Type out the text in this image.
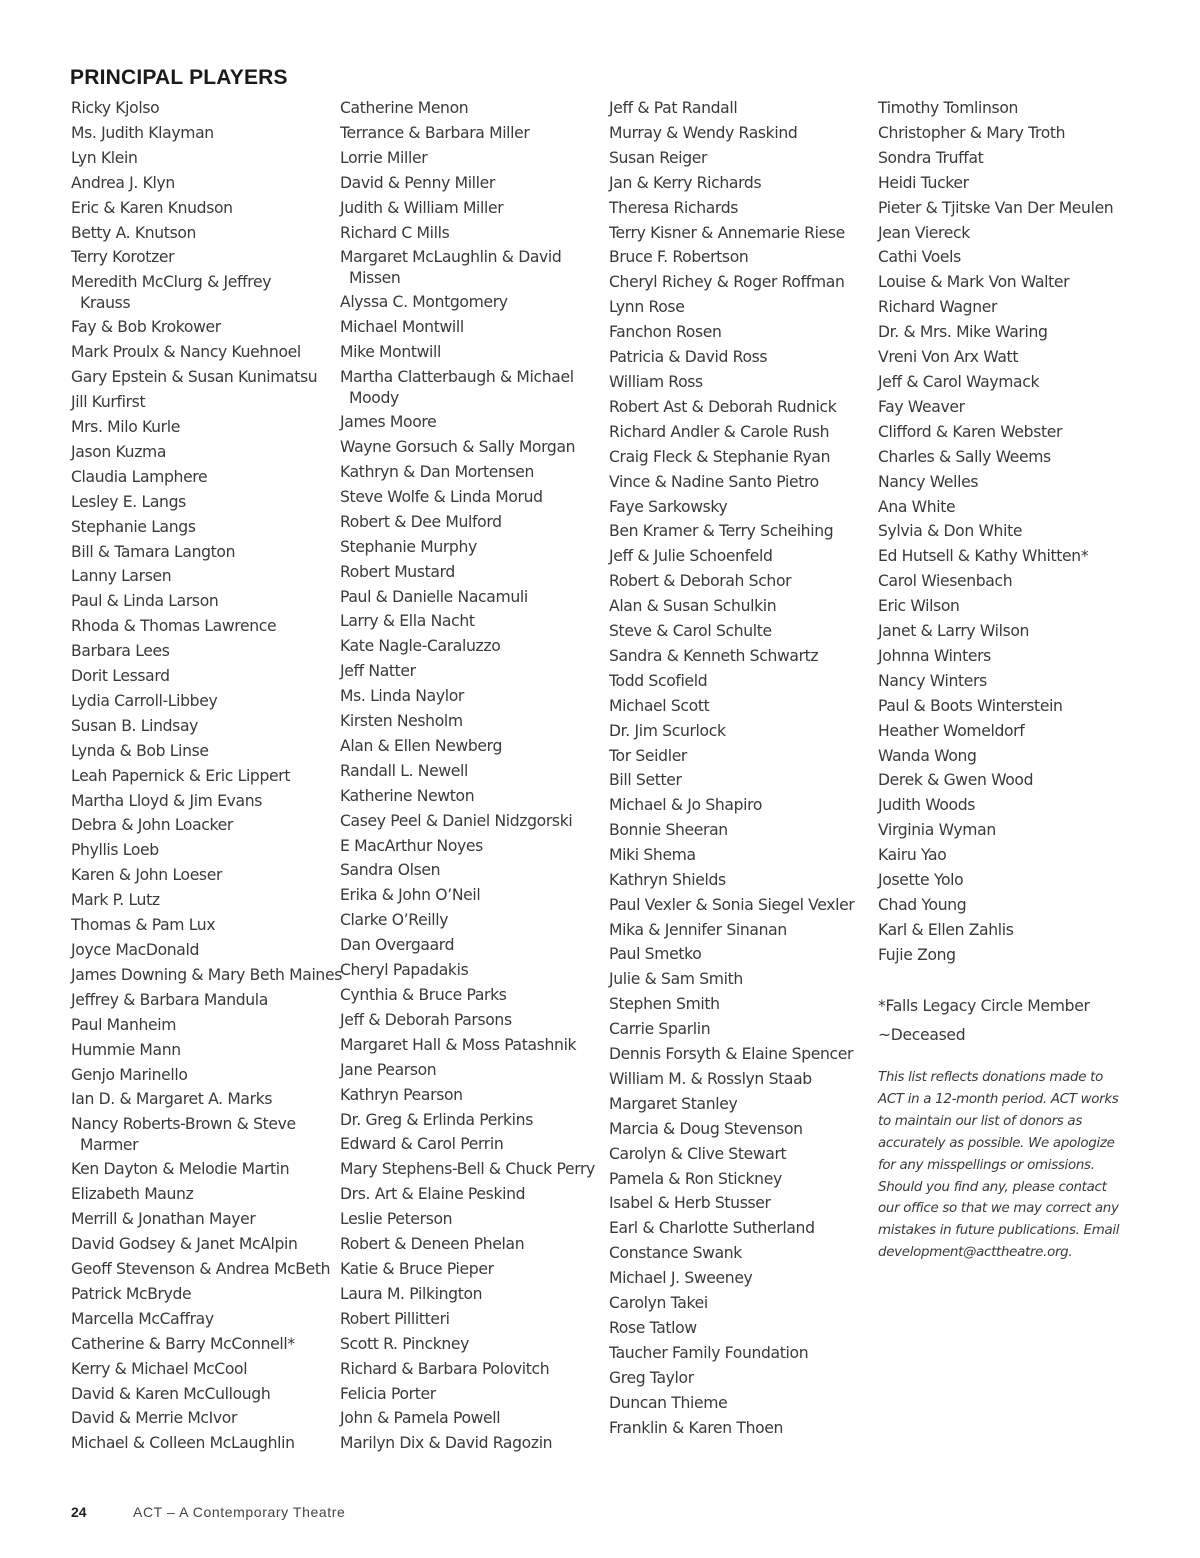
PRINCIPAL PLAYERS
Ricky Kjolso
Ms. Judith Klayman
Lyn Klein
Andrea J. Klyn
Eric & Karen Knudson
Betty A. Knutson
Terry Korotzer
Meredith McClurg & Jeffrey Krauss
Fay & Bob Krokower
Mark Proulx & Nancy Kuehnoel
Gary Epstein & Susan Kunimatsu
Jill Kurfirst
Mrs. Milo Kurle
Jason Kuzma
Claudia Lamphere
Lesley E. Langs
Stephanie Langs
Bill & Tamara Langton
Lanny Larsen
Paul & Linda Larson
Rhoda & Thomas Lawrence
Barbara Lees
Dorit Lessard
Lydia Carroll-Libbey
Susan B. Lindsay
Lynda & Bob Linse
Leah Papernick & Eric Lippert
Martha Lloyd & Jim Evans
Debra & John Loacker
Phyllis Loeb
Karen & John Loeser
Mark P. Lutz
Thomas & Pam Lux
Joyce MacDonald
James Downing & Mary Beth Maines
Jeffrey & Barbara Mandula
Paul Manheim
Hummie Mann
Genjo Marinello
Ian D. & Margaret A. Marks
Nancy Roberts-Brown & Steve Marmer
Ken Dayton & Melodie Martin
Elizabeth Maunz
Merrill & Jonathan Mayer
David Godsey & Janet McAlpin
Geoff Stevenson & Andrea McBeth
Patrick McBryde
Marcella McCaffray
Catherine & Barry McConnell*
Kerry & Michael McCool
David & Karen McCullough
David & Merrie McIvor
Michael & Colleen McLaughlin
Catherine Menon
Terrance & Barbara Miller
Lorrie Miller
David & Penny Miller
Judith & William Miller
Richard C Mills
Margaret McLaughlin & David Missen
Alyssa C. Montgomery
Michael Montwill
Mike Montwill
Martha Clatterbaugh & Michael Moody
James Moore
Wayne Gorsuch & Sally Morgan
Kathryn & Dan Mortensen
Steve Wolfe & Linda Morud
Robert & Dee Mulford
Stephanie Murphy
Robert Mustard
Paul & Danielle Nacamuli
Larry & Ella Nacht
Kate Nagle-Caraluzzo
Jeff Natter
Ms. Linda Naylor
Kirsten Nesholm
Alan & Ellen Newberg
Randall L. Newell
Katherine Newton
Casey Peel & Daniel Nidzgorski
E MacArthur Noyes
Sandra Olsen
Erika & John O’Neil
Clarke O’Reilly
Dan Overgaard
Cheryl Papadakis
Cynthia & Bruce Parks
Jeff & Deborah Parsons
Margaret Hall & Moss Patashnik
Jane Pearson
Kathryn Pearson
Dr. Greg & Erlinda Perkins
Edward & Carol Perrin
Mary Stephens-Bell & Chuck Perry
Drs. Art & Elaine Peskind
Leslie Peterson
Robert & Deneen Phelan
Katie & Bruce Pieper
Laura M. Pilkington
Robert Pillitteri
Scott R. Pinckney
Richard & Barbara Polovitch
Felicia Porter
John & Pamela Powell
Marilyn Dix & David Ragozin
Jeff & Pat Randall
Murray & Wendy Raskind
Susan Reiger
Jan & Kerry Richards
Theresa Richards
Terry Kisner & Annemarie Riese
Bruce F. Robertson
Cheryl Richey & Roger Roffman
Lynn Rose
Fanchon Rosen
Patricia & David Ross
William Ross
Robert Ast & Deborah Rudnick
Richard Andler & Carole Rush
Craig Fleck & Stephanie Ryan
Vince & Nadine Santo Pietro
Faye Sarkowsky
Ben Kramer & Terry Scheihing
Jeff & Julie Schoenfeld
Robert & Deborah Schor
Alan & Susan Schulkin
Steve & Carol Schulte
Sandra & Kenneth Schwartz
Todd Scofield
Michael Scott
Dr. Jim Scurlock
Tor Seidler
Bill Setter
Michael & Jo Shapiro
Bonnie Sheeran
Miki Shema
Kathryn Shields
Paul Vexler & Sonia Siegel Vexler
Mika & Jennifer Sinanan
Paul Smetko
Julie & Sam Smith
Stephen Smith
Carrie Sparlin
Dennis Forsyth & Elaine Spencer
William M. & Rosslyn Staab
Margaret Stanley
Marcia & Doug Stevenson
Carolyn & Clive Stewart
Pamela & Ron Stickney
Isabel & Herb Stusser
Earl & Charlotte Sutherland
Constance Swank
Michael J. Sweeney
Carolyn Takei
Rose Tatlow
Taucher Family Foundation
Greg Taylor
Duncan Thieme
Franklin & Karen Thoen
Timothy Tomlinson
Christopher & Mary Troth
Sondra Truffat
Heidi Tucker
Pieter & Tjitske Van Der Meulen
Jean Viereck
Cathi Voels
Louise & Mark Von Walter
Richard Wagner
Dr. & Mrs. Mike Waring
Vreni Von Arx Watt
Jeff & Carol Waymack
Fay Weaver
Clifford & Karen Webster
Charles & Sally Weems
Nancy Welles
Ana White
Sylvia & Don White
Ed Hutsell & Kathy Whitten*
Carol Wiesenbach
Eric Wilson
Janet & Larry Wilson
Johnna Winters
Nancy Winters
Paul & Boots Winterstein
Heather Womeldorf
Wanda Wong
Derek & Gwen Wood
Judith Woods
Virginia Wyman
Kairu Yao
Josette Yolo
Chad Young
Karl & Ellen Zahlis
Fujie Zong

*Falls Legacy Circle Member

~Deceased

This list reflects donations made to ACT in a 12-month period. ACT works to maintain our list of donors as accurately as possible. We apologize for any misspellings or omissions. Should you find any, please contact our office so that we may correct any mistakes in future publications. Email development@acttheatre.org.

24	ACT – A Contemporary Theatre
